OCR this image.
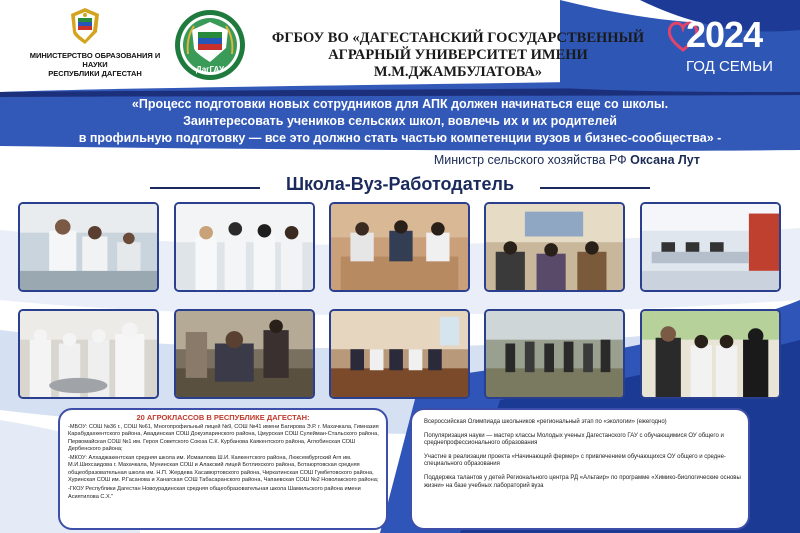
МИНИСТЕРСТВО ОБРАЗОВАНИЯ И НАУКИ
РЕСПУБЛИКИ ДАГЕСТАН	ДагГАУ
ФГБОУ ВО «ДАГЕСТАНСКИЙ ГОСУДАРСТВЕННЫЙ
АГРАРНЫЙ УНИВЕРСИТЕТ ИМЕНИ М.М.ДЖАМБУЛАТОВА»
2024
ГОД СЕМЬИ
«Процесс подготовки новых сотрудников для АПК должен начинаться еще со школы.
Заинтересовать учеников сельских школ, вовлечь их и их родителей
в профильную подготовку — все это должно стать частью компетенции вузов и бизнес-сообщества» -
Министр сельского хозяйства РФ Оксана Лут
Школа-Вуз-Работодатель
20 АГРОКЛАССОВ В РЕСПУБЛИКЕ ДАГЕСТАН:

-МБОУ: СОШ №36 г., СОШ №61, Многопрофильный лицей №9, СОШ №41 имени Багирова Э.Р. г. Махачкала, Гимназия Карабудахкентского района, Авадинская СОШ Докузпаринского района, Цмурская СОШ Сулейман-Стальского района, Первомайская СОШ №1 им. Героя Советского Союза С.К. Курбанова Каякентского района, Аглобинская СОШ Дербенского района;

-МКОУ: Алхаджакентская средняя школа им. Исмаилова Ш.И. Каякентского района, Люксембургский Агп им. М.И.Шихсаидова г. Махачкала, Мунинская СОШ и Алакский лицей Ботлихского района, Ботаюртовская средняя общеобразовательная школа им. Н.П. Жердева Хасавюртовского района, Чиркатинская СОШ Гумбетовского района, Хуринская СОШ им. Р.Гасанова и Ханагская СОШ Табасаранского района, Чапаевская СОШ №2 Новолакского района;

-ГКОУ Республики Дагестан Новоурадинская средняя общеобразовательная школа Шамильского района имени Асиятилова С.Х."

Всероссийская Олимпиада школьников «региональный этап по «экологии» (ежегодно)

Популяризация науки — мастер классы Молодых ученых Дагестанского ГАУ с обучающимися ОУ общего и среднепрофессионального образования

Участие в реализации проекта «Начинающий фермер» с привлечением обучающихся ОУ общего и средне-специального образования

Поддержка талантов у детей Регионального центра РД «Альтаир» по программе «Химико-биологические основы жизни» на базе учебных лабораторий вуза
